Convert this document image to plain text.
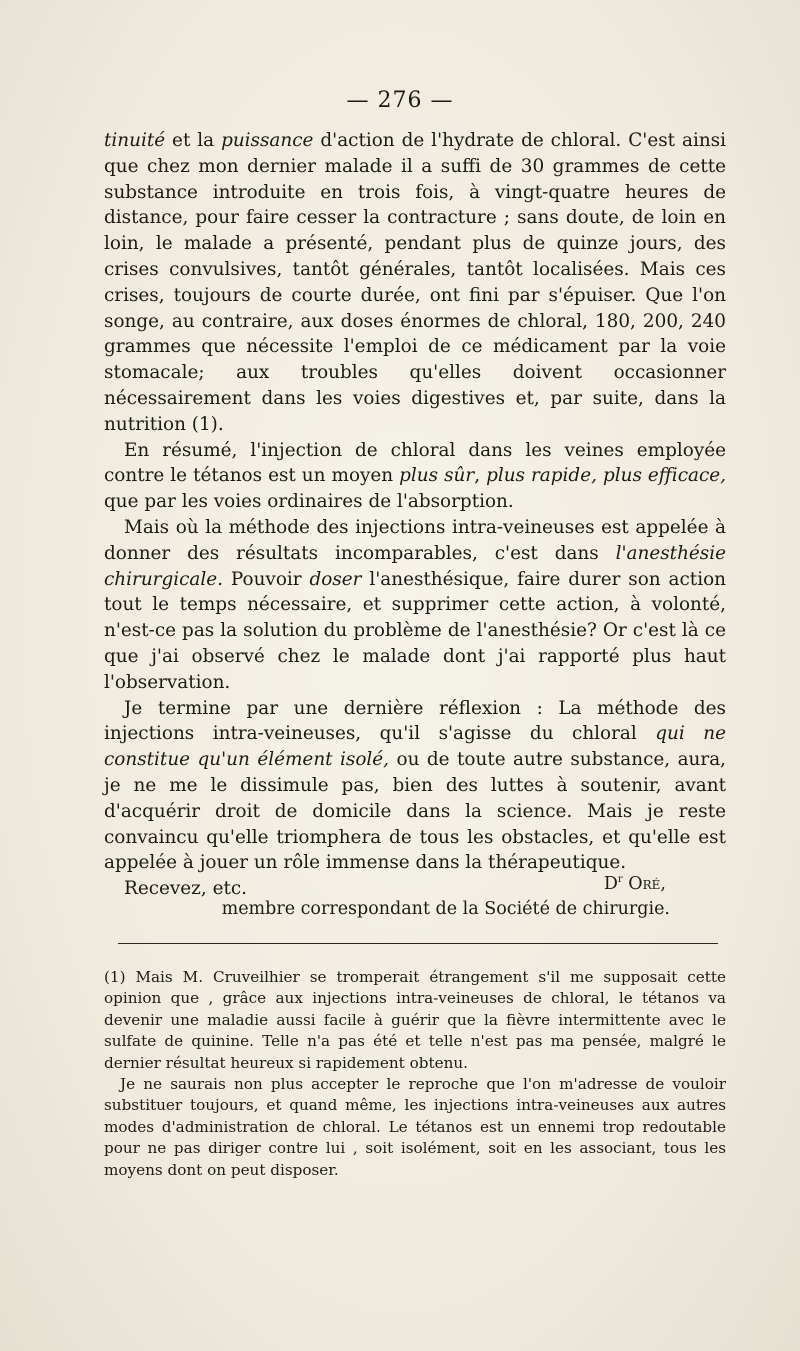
— 276 —

tinuité et la puissance d'action de l'hydrate de chloral. C'est ainsi que chez mon dernier malade il a suffi de 30 grammes de cette substance introduite en trois fois, à vingt-quatre heures de distance, pour faire cesser la contracture ; sans doute, de loin en loin, le malade a présenté, pendant plus de quinze jours, des crises convulsives, tantôt générales, tantôt localisées. Mais ces crises, toujours de courte durée, ont fini par s'épuiser. Que l'on songe, au contraire, aux doses énormes de chloral, 180, 200, 240 grammes que nécessite l'emploi de ce médicament par la voie stomacale; aux troubles qu'elles doivent occasionner nécessairement dans les voies digestives et, par suite, dans la nutrition (1).

En résumé, l'injection de chloral dans les veines employée contre le tétanos est un moyen plus sûr, plus rapide, plus efficace, que par les voies ordinaires de l'absorption.

Mais où la méthode des injections intra-veineuses est appelée à donner des résultats incomparables, c'est dans l'anesthésie chirurgicale. Pouvoir doser l'anesthésique, faire durer son action tout le temps nécessaire, et supprimer cette action, à volonté, n'est-ce pas la solution du problème de l'anesthésie? Or c'est là ce que j'ai observé chez le malade dont j'ai rapporté plus haut l'observation.

Je termine par une dernière réflexion : La méthode des injections intra-veineuses, qu'il s'agisse du chloral qui ne constitue qu'un élément isolé, ou de toute autre substance, aura, je ne me le dissimule pas, bien des luttes à soutenir, avant d'acquérir droit de domicile dans la science. Mais je reste convaincu qu'elle triomphera de tous les obstacles, et qu'elle est appelée à jouer un rôle immense dans la thérapeutique.

Recevez, etc.	$D^r$ Oré,
membre correspondant de la Société de chirurgie.

(1) Mais M. Cruveilhier se tromperait étrangement s'il me supposait cette opinion que , grâce aux injections intra-veineuses de chloral, le tétanos va devenir une maladie aussi facile à guérir que la fièvre intermittente avec le sulfate de quinine. Telle n'a pas été et telle n'est pas ma pensée, malgré le dernier résultat heureux si rapidement obtenu.

Je ne saurais non plus accepter le reproche que l'on m'adresse de vouloir substituer toujours, et quand même, les injections intra-veineuses aux autres modes d'administration de chloral. Le tétanos est un ennemi trop redoutable pour ne pas diriger contre lui , soit isolément, soit en les associant, tous les moyens dont on peut disposer.
